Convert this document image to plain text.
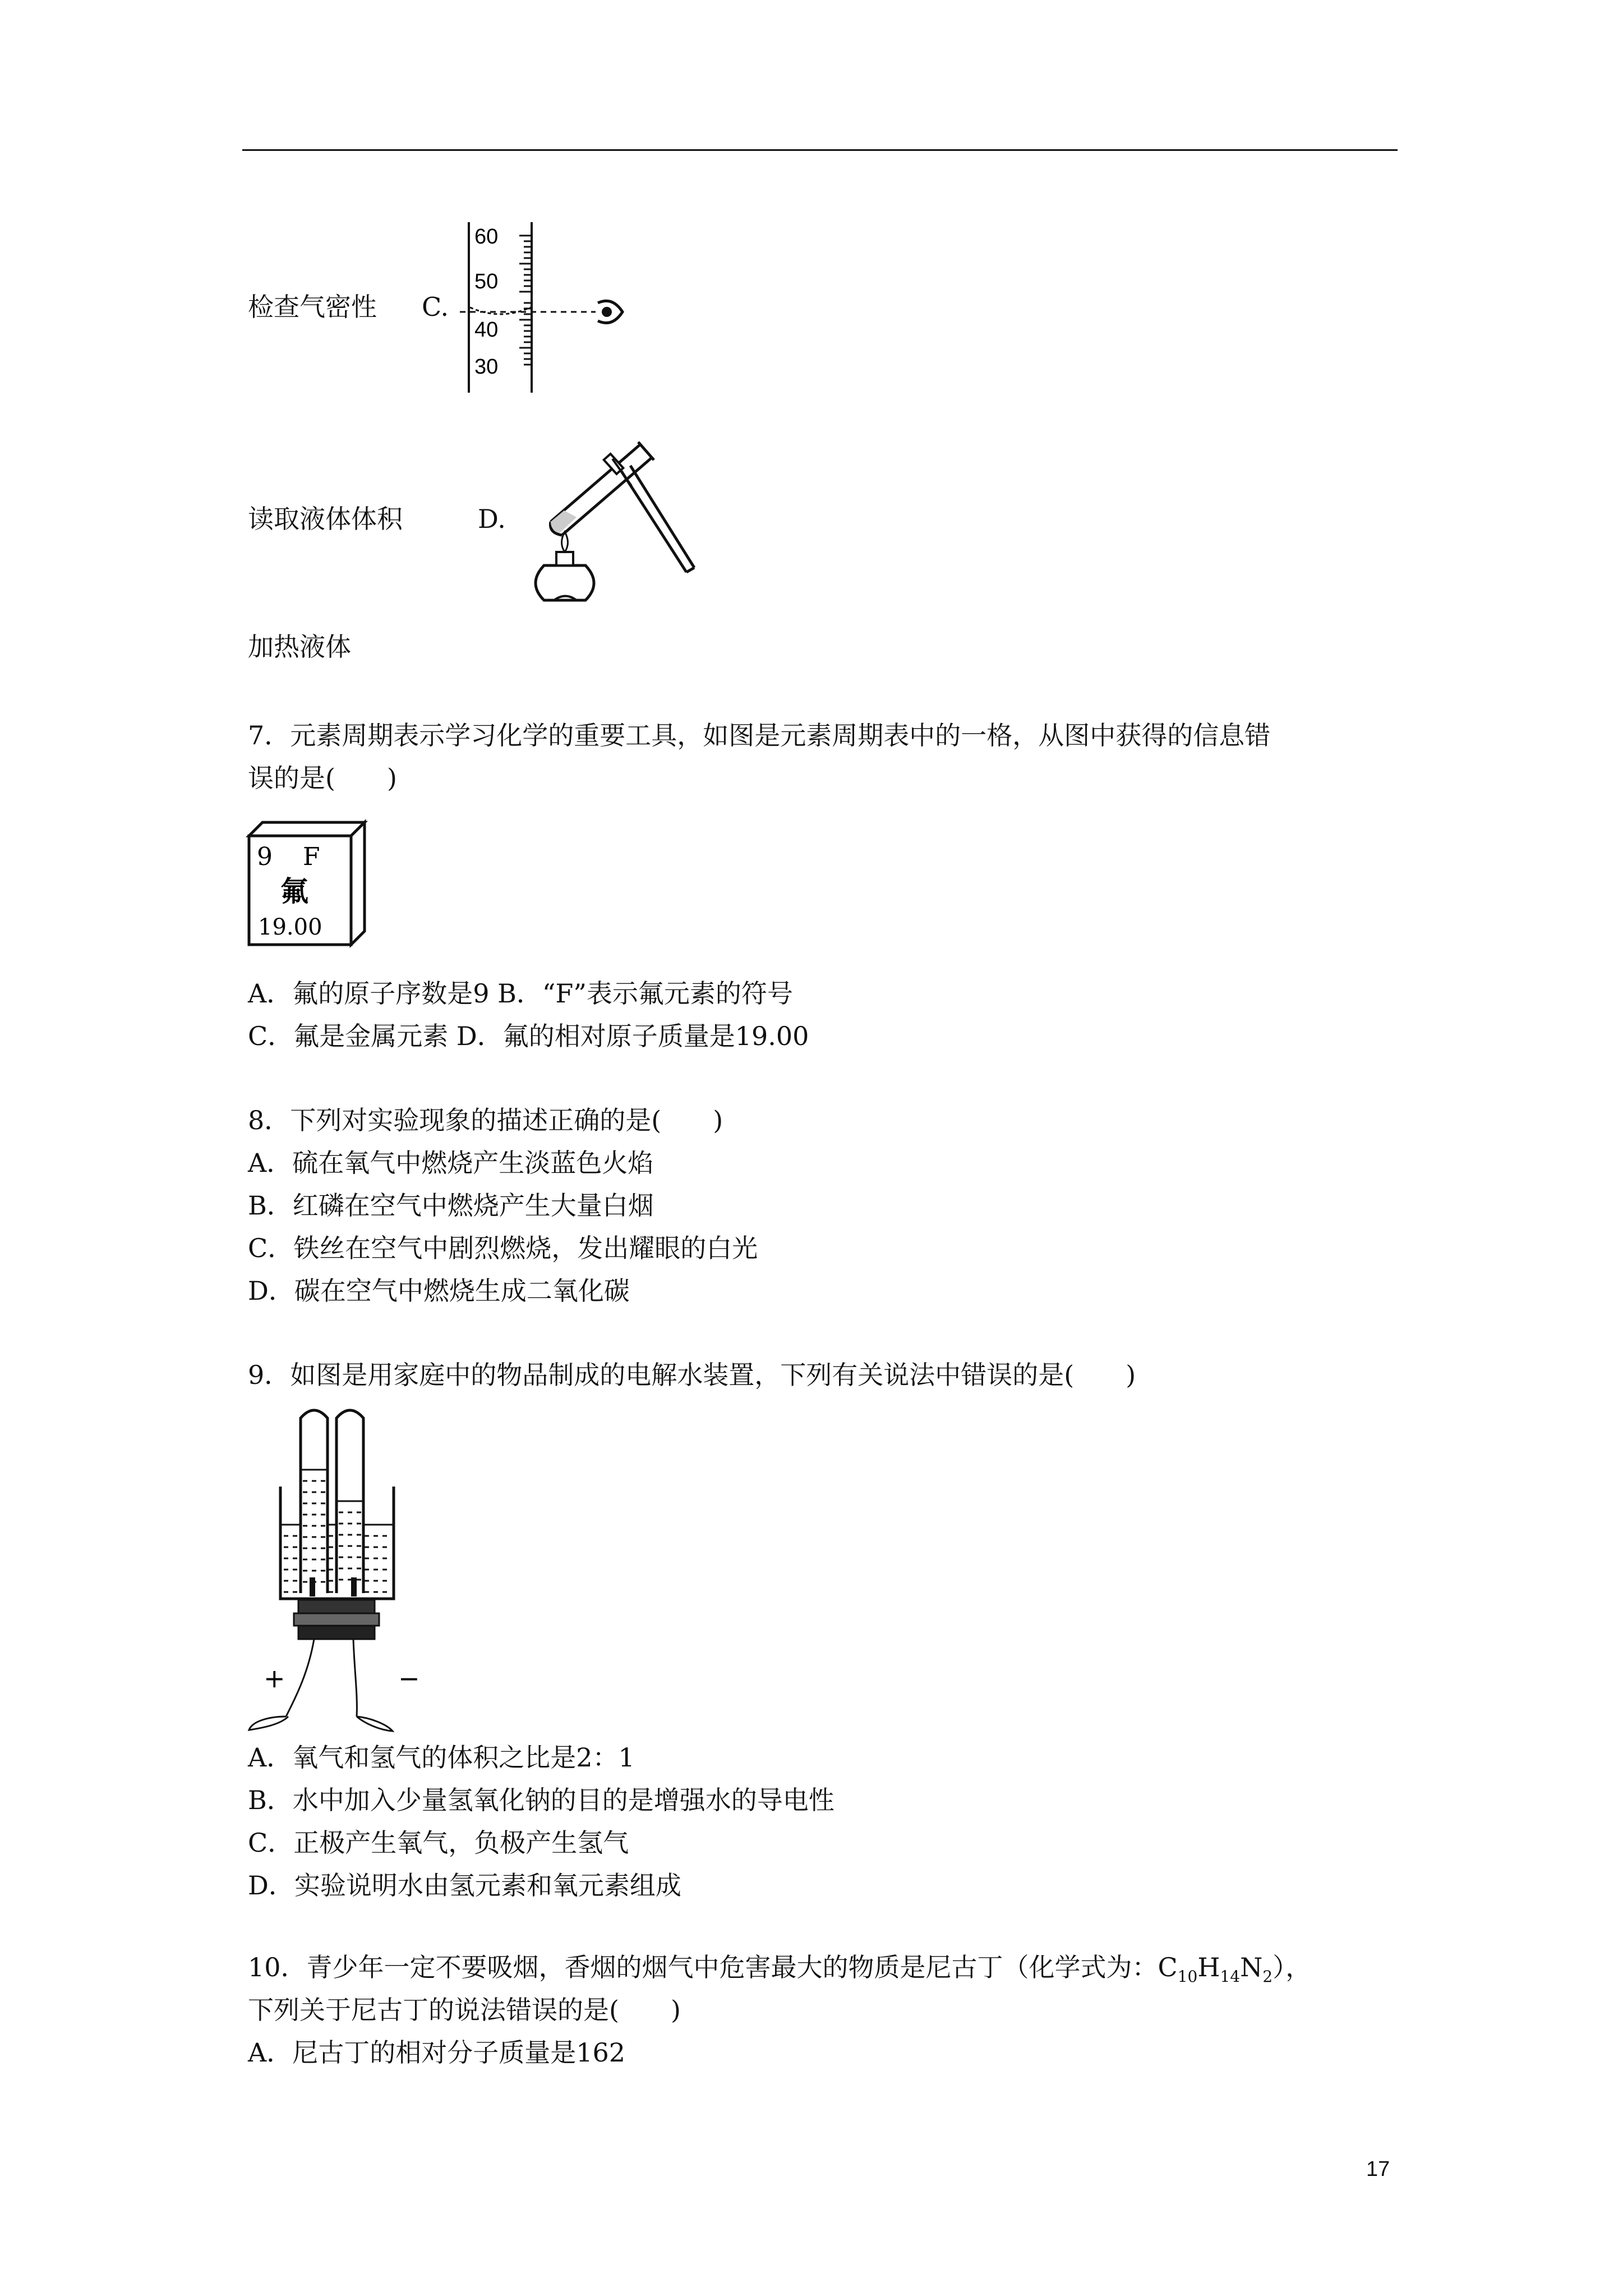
检查气密性 C.
60
50
40
30
读取液体体积	D.
加热液体
7．元素周期表示学习化学的重要工具，如图是元素周期表中的一格，从图中获得的信息错
误的是(　　)
9 F
氟
19.00
A．氟的原子序数是9 B．“F”表示氟元素的符号
C．氟是金属元素 D．氟的相对原子质量是19.00
8．下列对实验现象的描述正确的是(　　)
A．硫在氧气中燃烧产生淡蓝色火焰
B．红磷在空气中燃烧产生大量白烟
C．铁丝在空气中剧烈燃烧，发出耀眼的白光
D．碳在空气中燃烧生成二氧化碳
9．如图是用家庭中的物品制成的电解水装置，下列有关说法中错误的是(　　)
+	−
A．氧气和氢气的体积之比是2：1
B．水中加入少量氢氧化钠的目的是增强水的导电性
C．正极产生氧气，负极产生氢气
D．实验说明水由氢元素和氧元素组成
10．青少年一定不要吸烟，香烟的烟气中危害最大的物质是尼古丁（化学式为：$C_{10}H_{14}N_2$），
下列关于尼古丁的说法错误的是(　　)
A．尼古丁的相对分子质量是162
17
